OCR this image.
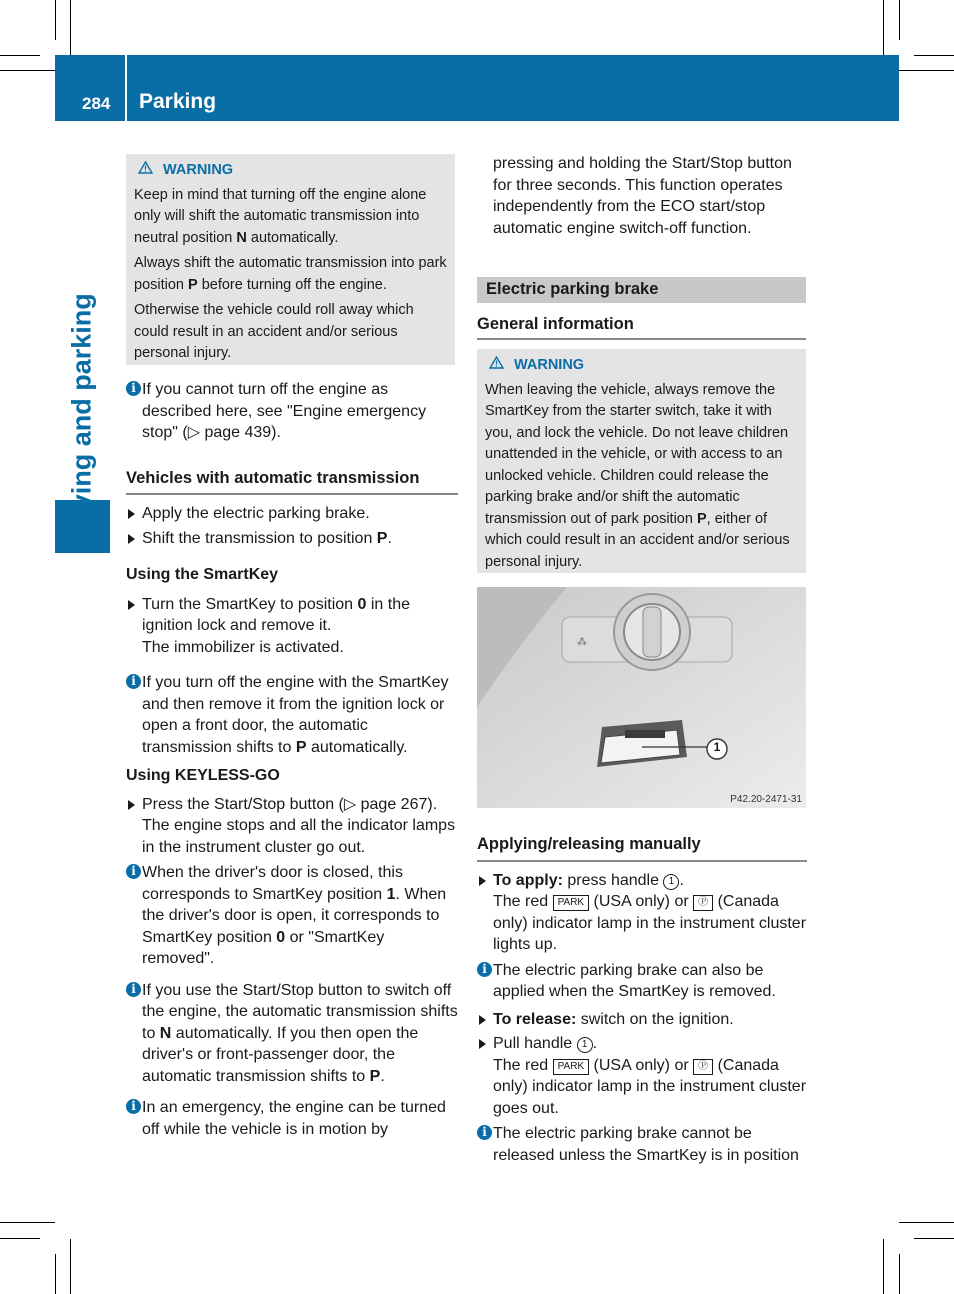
284 Parking
Driving and parking
WARNING

Keep in mind that turning off the engine alone only will shift the automatic transmission into neutral position N automatically.

Always shift the automatic transmission into park position P before turning off the engine.

Otherwise the vehicle could roll away which could result in an accident and/or serious personal injury.

i If you cannot turn off the engine as described here, see "Engine emergency stop" (▷ page 439).

Vehicles with automatic transmission

Apply the electric parking brake.

Shift the transmission to position P.

Using the SmartKey

Turn the SmartKey to position 0 in the ignition lock and remove it.

The immobilizer is activated.

i If you turn off the engine with the SmartKey and then remove it from the ignition lock or open a front door, the automatic transmission shifts to P automatically.

Using KEYLESS-GO

Press the Start/Stop button (▷ page 267).

The engine stops and all the indicator lamps in the instrument cluster go out.

i When the driver's door is closed, this corresponds to SmartKey position 1. When the driver's door is open, it corresponds to SmartKey position 0 or "SmartKey removed".

i If you use the Start/Stop button to switch off the engine, the automatic transmission shifts to N automatically. If you then open the driver's or front-passenger door, the automatic transmission shifts to P.

i In an emergency, the engine can be turned off while the vehicle is in motion by

pressing and holding the Start/Stop button for three seconds. This function operates independently from the ECO start/stop automatic engine switch-off function.

Electric parking brake
General information
WARNING

When leaving the vehicle, always remove the SmartKey from the starter switch, take it with you, and lock the vehicle. Do not leave children unattended in the vehicle, or with access to an unlocked vehicle. Children could release the parking brake and/or shift the automatic transmission out of park position P, either of which could result in an accident and/or serious personal injury.

⁂
1
P42.20-2471-31
Applying/releasing manually

To apply: press handle 1 .

The red PARK (USA only) or Ⓟ (Canada only) indicator lamp in the instrument cluster lights up.

i The electric parking brake can also be applied when the SmartKey is removed.

To release: switch on the ignition.

Pull handle 1 .

The red PARK (USA only) or Ⓟ (Canada only) indicator lamp in the instrument cluster goes out.

i The electric parking brake cannot be released unless the SmartKey is in position
